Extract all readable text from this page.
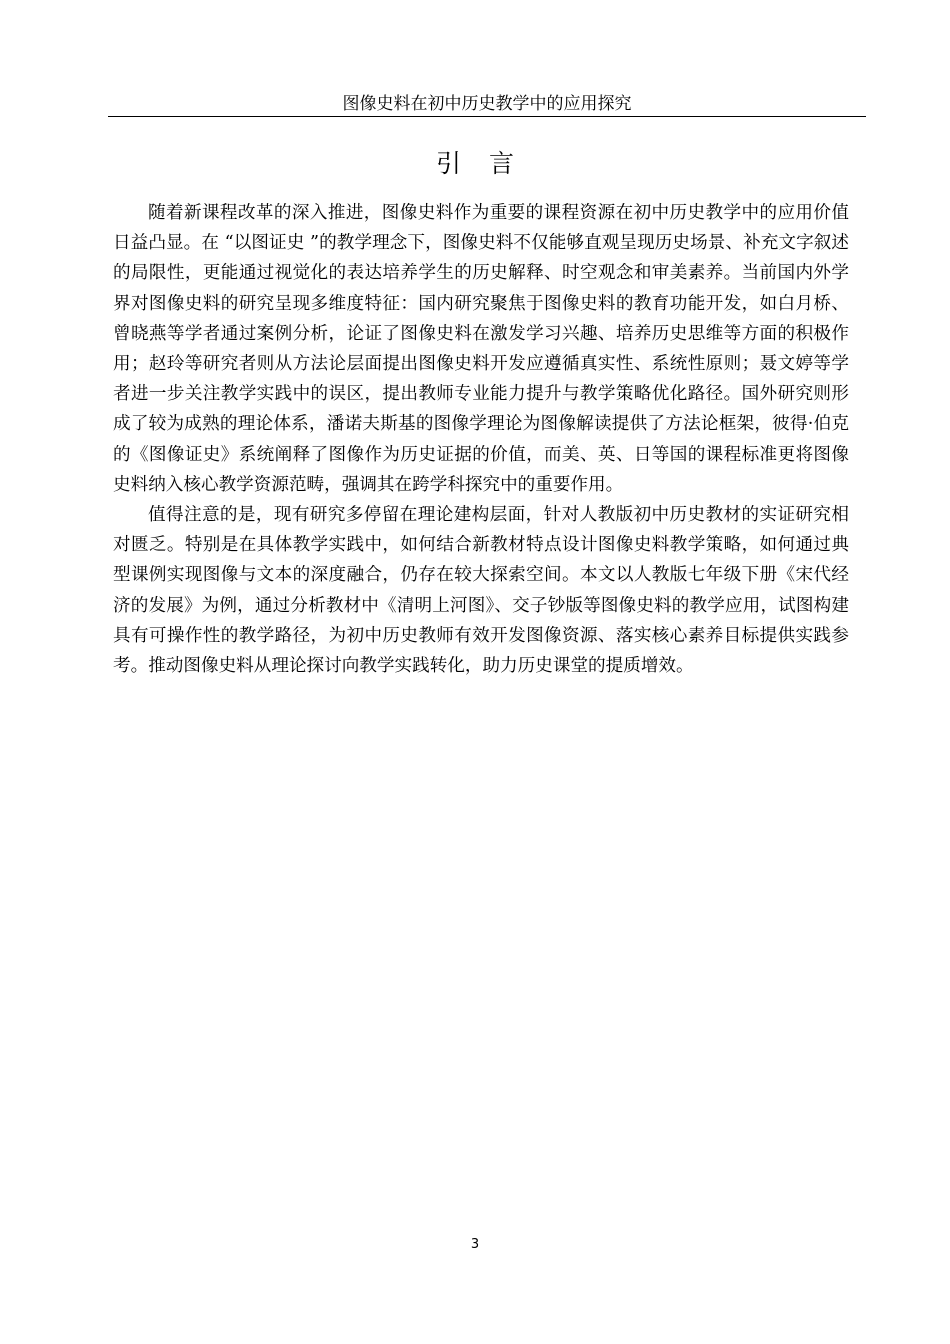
图像史料在初中历史教学中的应用探究
引言

随着新课程改革的深入推进，图像史料作为重要的课程资源在初中历史教学中的应用价值日益凸显。在 “以图证史 ”的教学理念下，图像史料不仅能够直观呈现历史场景、补充文字叙述的局限性，更能通过视觉化的表达培养学生的历史解释、时空观念和审美素养。当前国内外学界对图像史料的研究呈现多维度特征：国内研究聚焦于图像史料的教育功能开发，如白月桥、曾晓燕等学者通过案例分析，论证了图像史料在激发学习兴趣、培养历史思维等方面的积极作用；赵玲等研究者则从方法论层面提出图像史料开发应遵循真实性、系统性原则；聂文婷等学者进一步关注教学实践中的误区，提出教师专业能力提升与教学策略优化路径。国外研究则形成了较为成熟的理论体系，潘诺夫斯基的图像学理论为图像解读提供了方法论框架，彼得·伯克的《图像证史》系统阐释了图像作为历史证据的价值，而美、英、日等国的课程标准更将图像史料纳入核心教学资源范畴，强调其在跨学科探究中的重要作用。

值得注意的是，现有研究多停留在理论建构层面，针对人教版初中历史教材的实证研究相对匮乏。特别是在具体教学实践中，如何结合新教材特点设计图像史料教学策略，如何通过典型课例实现图像与文本的深度融合，仍存在较大探索空间。本文以人教版七年级下册《宋代经济的发展》为例，通过分析教材中《清明上河图》、交子钞版等图像史料的教学应用，试图构建具有可操作性的教学路径，为初中历史教师有效开发图像资源、落实核心素养目标提供实践参考。推动图像史料从理论探讨向教学实践转化，助力历史课堂的提质增效。

3
